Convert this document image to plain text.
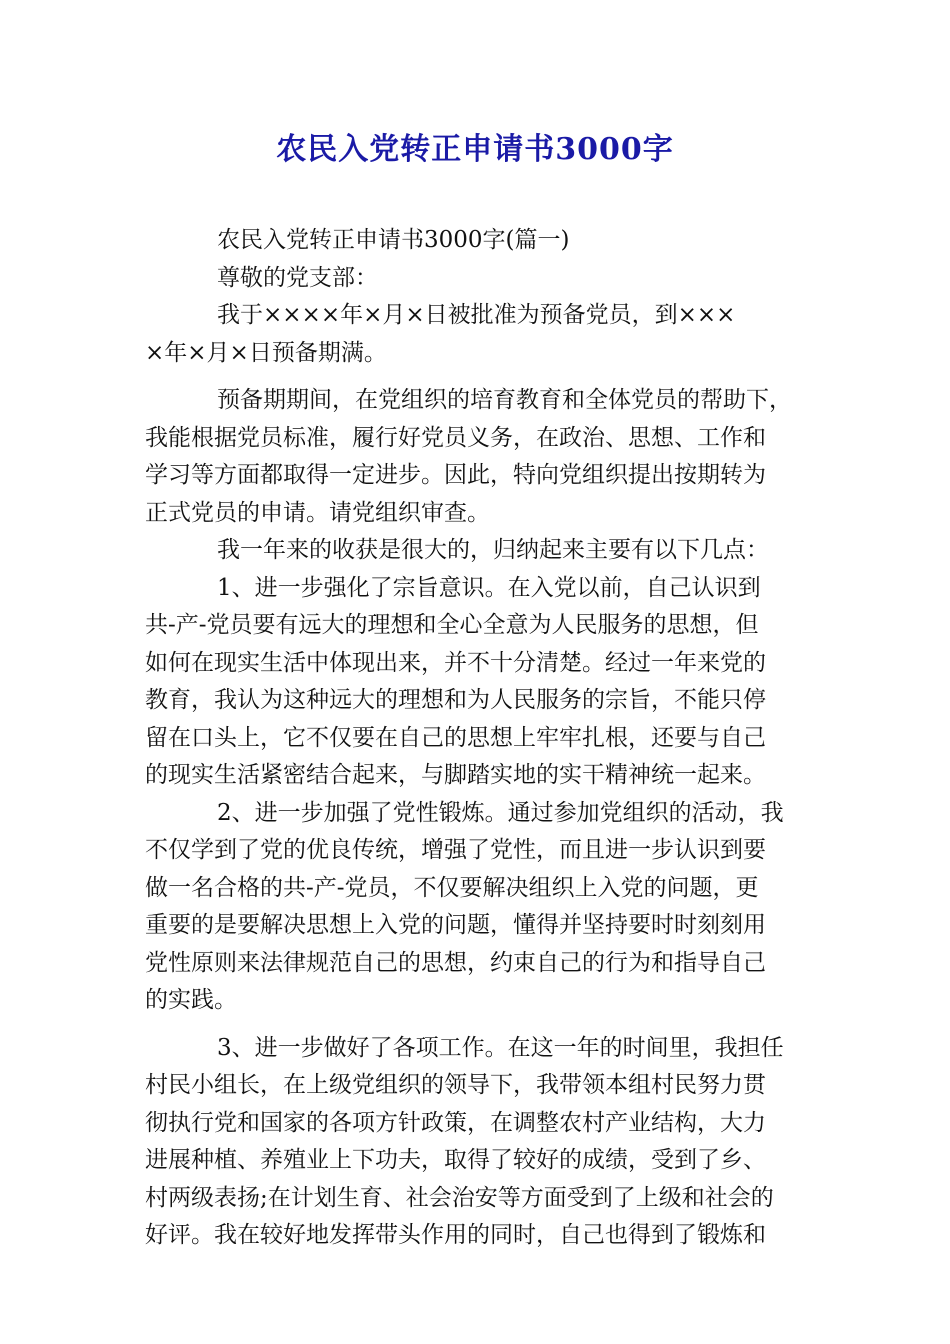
农民入党转正申请书3000字
农民入党转正申请书3000字(篇一)
尊敬的党支部：
我于××××年×月×日被批准为预备党员，到×××
×年×月×日预备期满。
预备期期间，在党组织的培育教育和全体党员的帮助下，
我能根据党员标准，履行好党员义务，在政治、思想、工作和
学习等方面都取得一定进步。因此，特向党组织提出按期转为
正式党员的申请。请党组织审查。
我一年来的收获是很大的，归纳起来主要有以下几点：
1、进一步强化了宗旨意识。在入党以前，自己认识到
共-产-党员要有远大的理想和全心全意为人民服务的思想，但
如何在现实生活中体现出来，并不十分清楚。经过一年来党的
教育，我认为这种远大的理想和为人民服务的宗旨，不能只停
留在口头上，它不仅要在自己的思想上牢牢扎根，还要与自己
的现实生活紧密结合起来，与脚踏实地的实干精神统一起来。
2、进一步加强了党性锻炼。通过参加党组织的活动，我
不仅学到了党的优良传统，增强了党性，而且进一步认识到要
做一名合格的共-产-党员，不仅要解决组织上入党的问题，更
重要的是要解决思想上入党的问题，懂得并坚持要时时刻刻用
党性原则来法律规范自己的思想，约束自己的行为和指导自己
的实践。
3、进一步做好了各项工作。在这一年的时间里，我担任
村民小组长，在上级党组织的领导下，我带领本组村民努力贯
彻执行党和国家的各项方针政策，在调整农村产业结构，大力
进展种植、养殖业上下功夫，取得了较好的成绩，受到了乡、
村两级表扬;在计划生育、社会治安等方面受到了上级和社会的
好评。我在较好地发挥带头作用的同时，自己也得到了锻炼和
